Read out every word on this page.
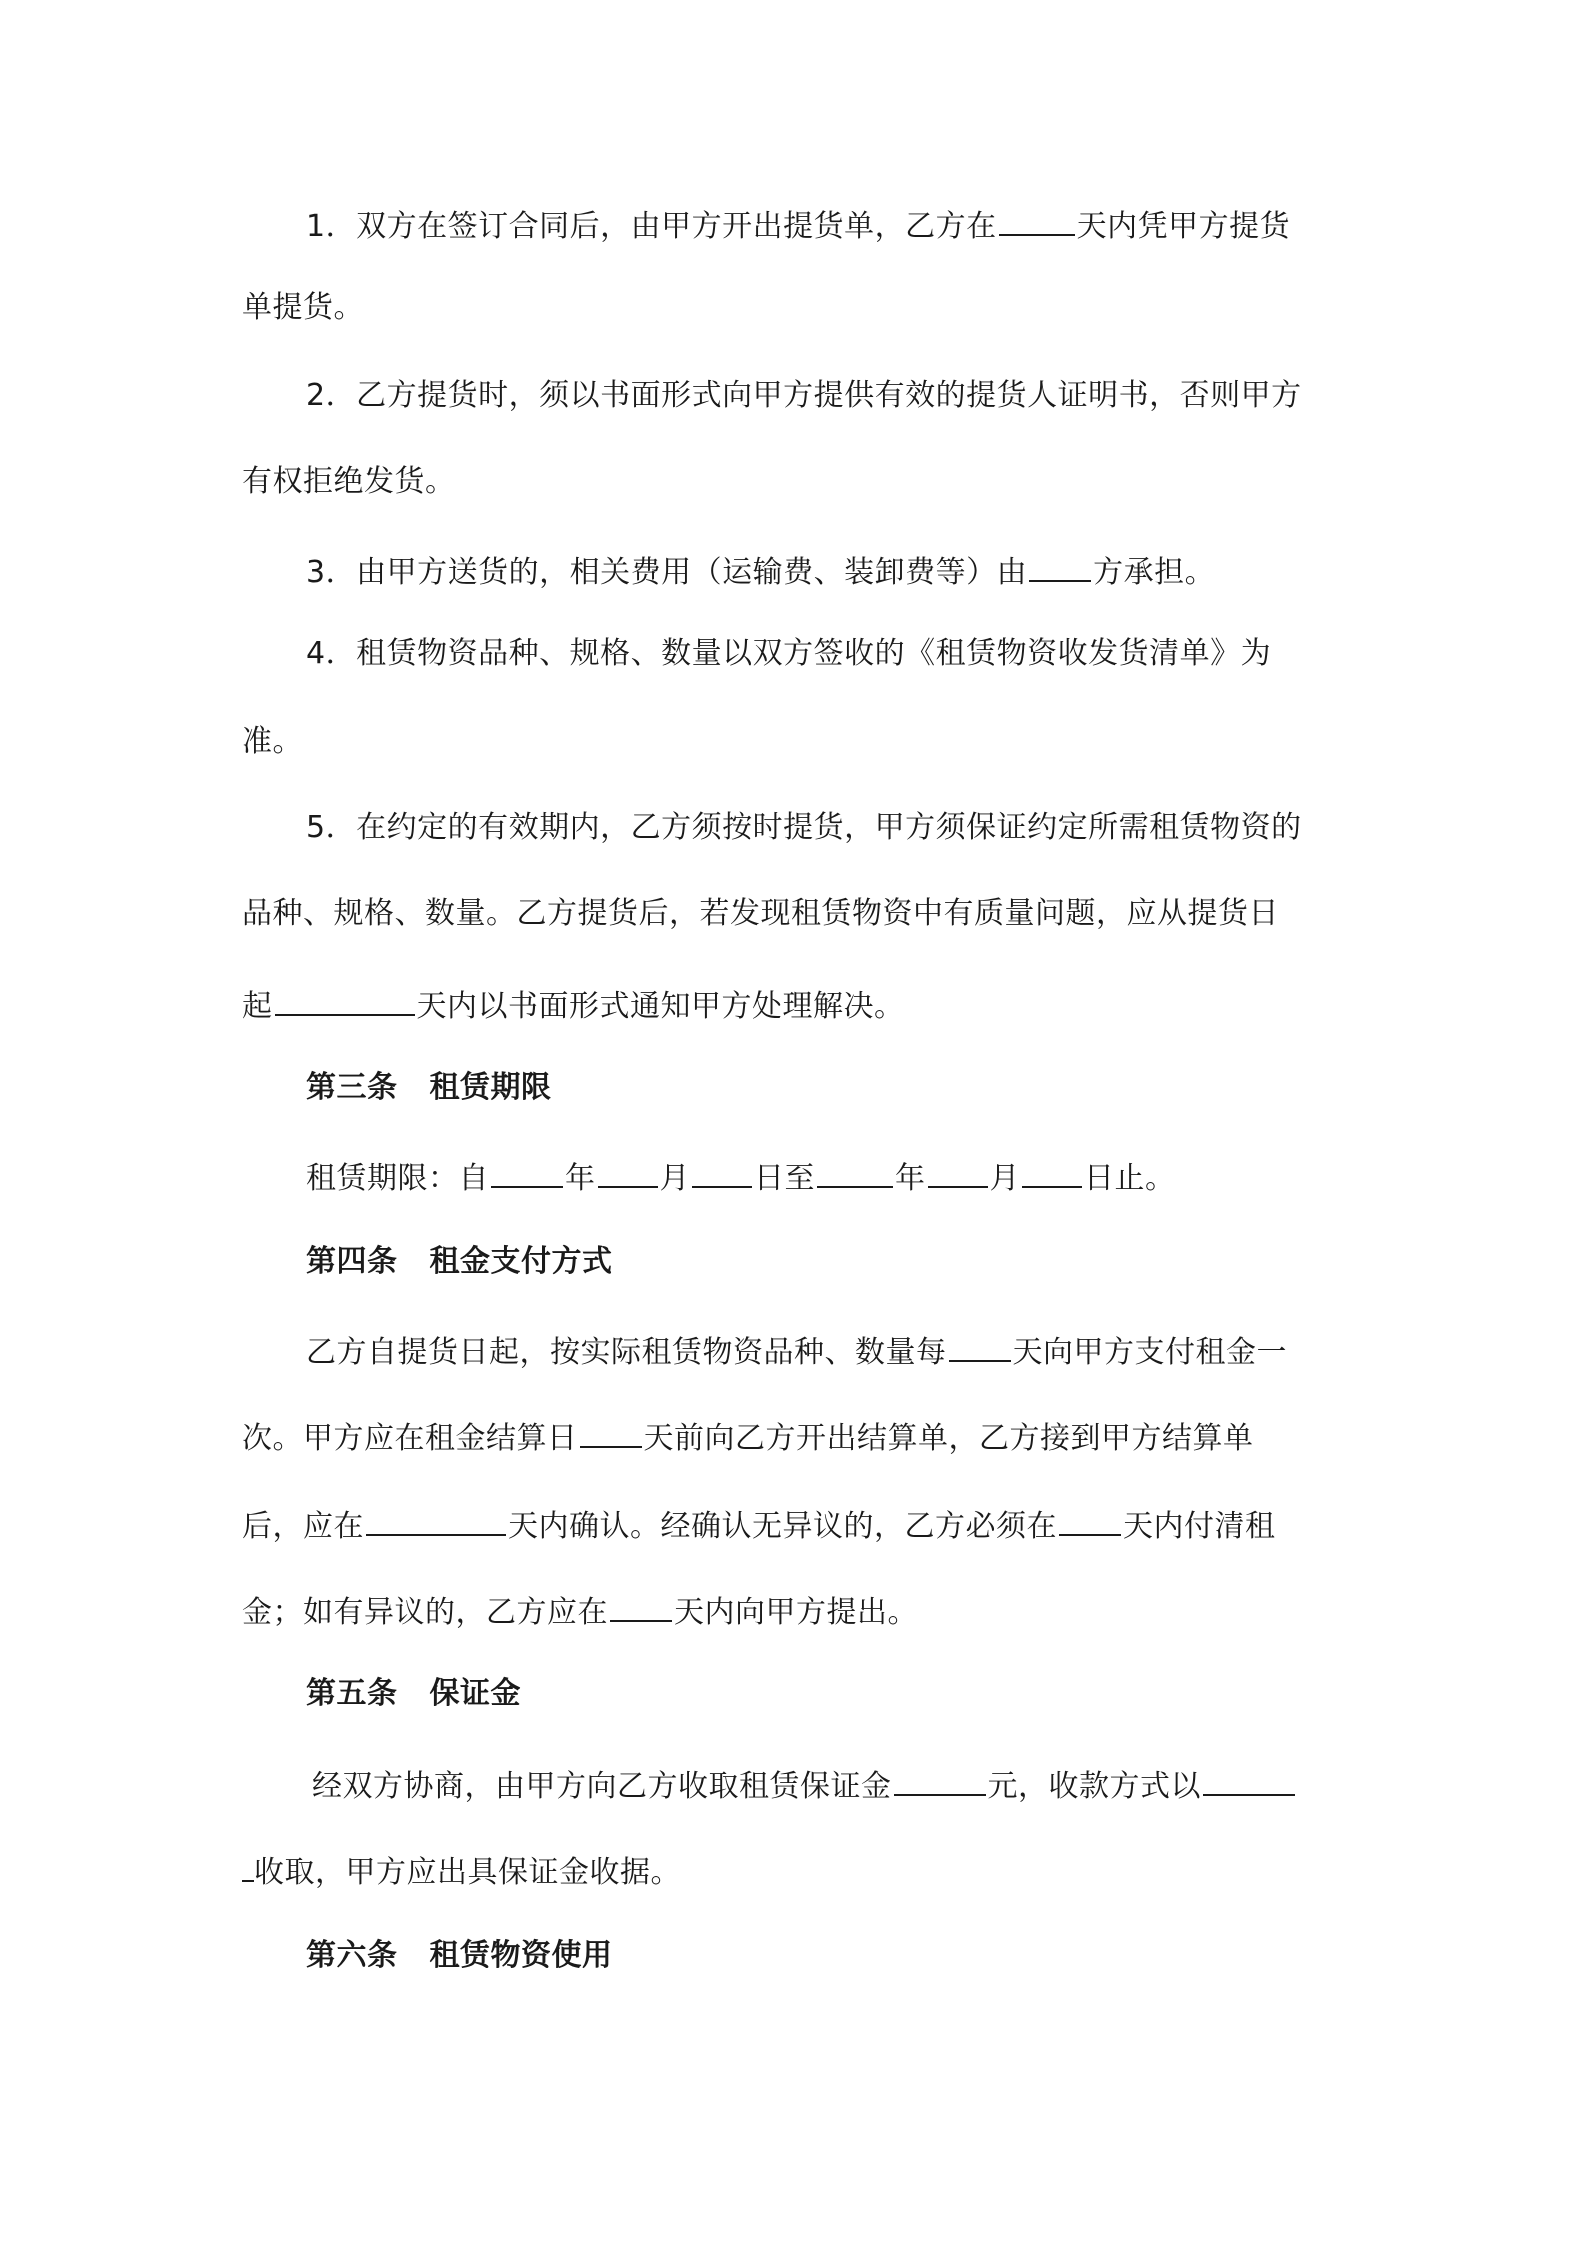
1．双方在签订合同后，由甲方开出提货单，乙方在	天内凭甲方提货
单提货。
2．乙方提货时，须以书面形式向甲方提供有效的提货人证明书，否则甲方
有权拒绝发货。
3．由甲方送货的，相关费用（运输费、装卸费等）由 方承担。
4．租赁物资品种、规格、数量以双方签收的《租赁物资收发货清单》为
准。
5．在约定的有效期内，乙方须按时提货，甲方须保证约定所需租赁物资的
品种、规格、数量。乙方提货后，若发现租赁物资中有质量问题，应从提货日
起	天内以书面形式通知甲方处理解决。
第三条 租赁期限
租赁期限：自	年 月 日至	年 月 日止。
第四条 租金支付方式
乙方自提货日起，按实际租赁物资品种、数量每 天向甲方支付租金一
次。甲方应在租金结算日 天前向乙方开出结算单，乙方接到甲方结算单
后，应在	天内确认。经确认无异议的，乙方必须在 天内付清租
金；如有异议的，乙方应在 天内向甲方提出。
第五条 保证金
经双方协商，由甲方向乙方收取租赁保证金	元，收款方式以
收取，甲方应出具保证金收据。
第六条 租赁物资使用
